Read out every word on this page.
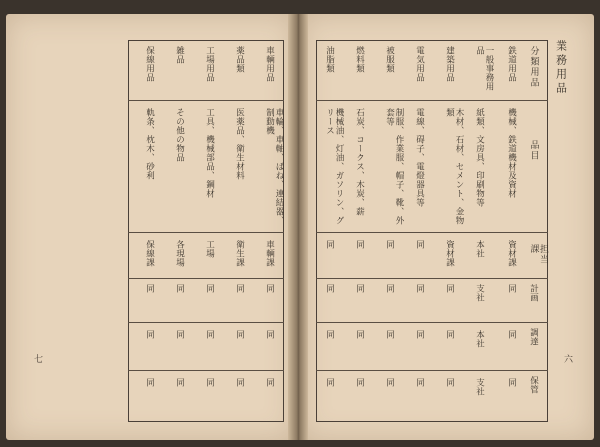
業務用品
分類用品
品目
担当課
計画
調達
保管
鉄道用品
機械、鉄道機材及資材
資材課
同
同
同
一般事務用品
紙類、文房具、印刷物等
本社
支社
本社
支社
建築用品
木材、石材、セメント、金物類
資材課
同
同
同
電気用品
電線、碍子、電燈器具等
同
同
同
同
被服類
制服、作業服、帽子、靴、外套等
同
同
同
同
燃料類
石炭、コークス、木炭、薪
同
同
同
同
油脂類
機械油、灯油、ガソリン、グリース
同
同
同
同
車輌用品
車輪、車軸、ばね、連結器、制動機
車輌課
同
同
同
薬品類
医薬品、衛生材料
衛生課
同
同
同
工場用品
工具、機械部品、鋼材
工場
同
同
同
雑品
その他の物品
各現場
同
同
同
保線用品
軌条、枕木、砂利
保線課
同
同
同
七	六
